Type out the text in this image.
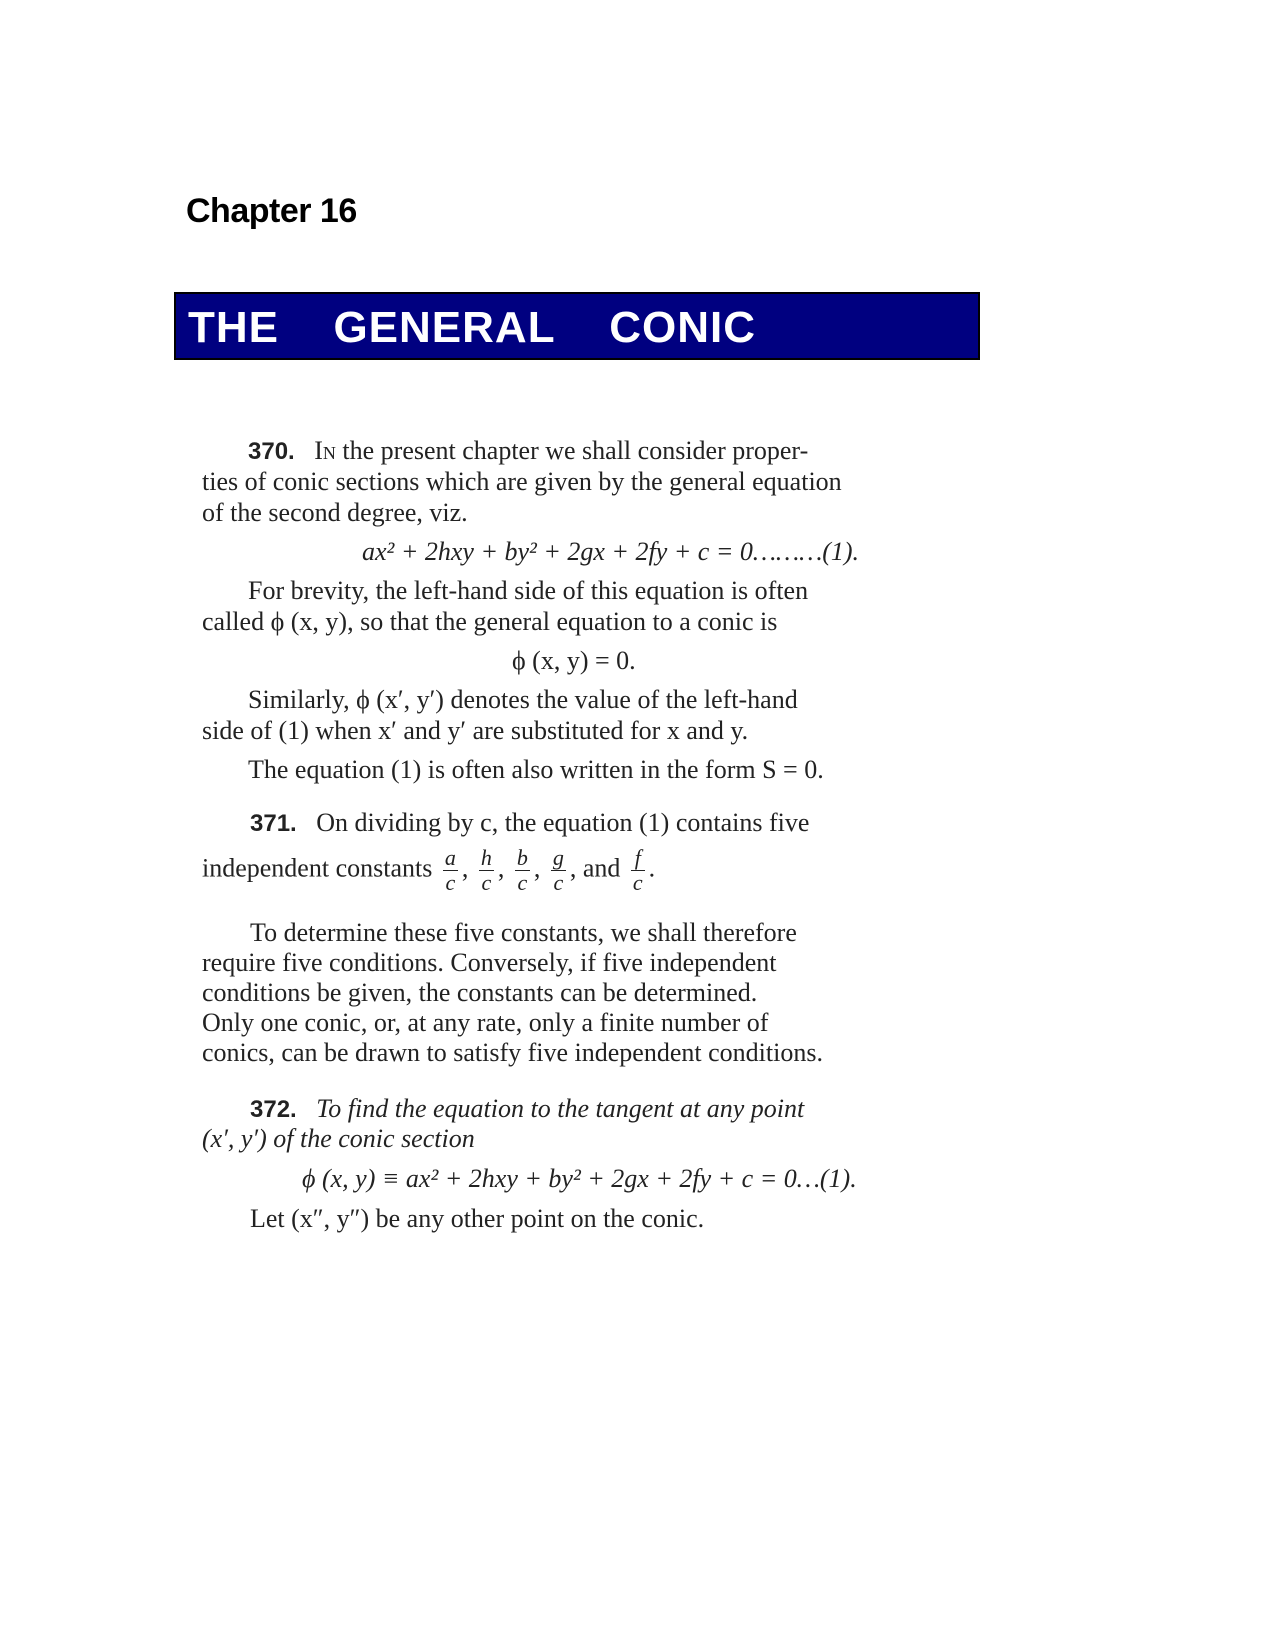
Chapter 16
THE  GENERAL  CONIC
370. In the present chapter we shall consider proper-
ties of conic sections which are given by the general equation
of the second degree, viz.
ax² + 2hxy + by² + 2gx + 2fy + c = 0………(1).
For brevity, the left-hand side of this equation is often
called ϕ (x, y), so that the general equation to a conic is
ϕ (x, y) = 0.
Similarly, ϕ (x′, y′) denotes the value of the left-hand
side of (1) when x′ and y′ are substituted for x and y.
The equation (1) is often also written in the form S = 0.
371. On dividing by c, the equation (1) contains five
independent constants $\frac{a}{c}$ , $\frac{h}{c}$ , $\frac{b}{c}$ , $\frac{g}{c}$ , and $\frac{f}{c}$ .
To determine these five constants, we shall therefore
require five conditions. Conversely, if five independent
conditions be given, the constants can be determined.
Only one conic, or, at any rate, only a finite number of
conics, can be drawn to satisfy five independent conditions.
372. To find the equation to the tangent at any point
(x′, y′) of the conic section
ϕ (x, y) ≡ ax² + 2hxy + by² + 2gx + 2fy + c = 0…(1).
Let (x″, y″) be any other point on the conic.
